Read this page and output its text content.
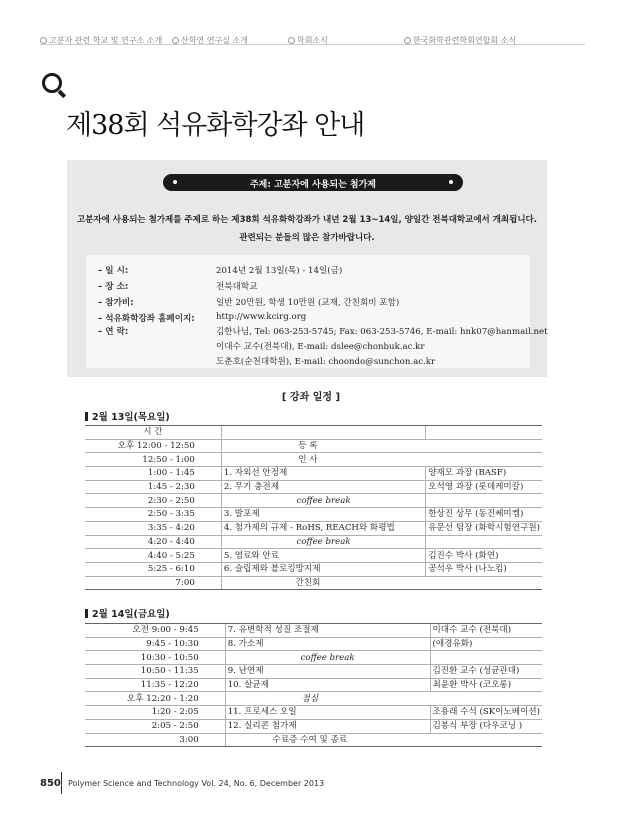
고분자 관련 학교 및 연구소 소개	산학연 연구실 소개	학회소식	한국화학관련학회연합회 소식
제38회 석유화학강좌 안내
주제: 고분자에 사용되는 첨가제
고분자에 사용되는 첨가제를 주제로 하는 제38회 석유화학강좌가 내년 2월 13~14일, 양일간 전북대학교에서 개최됩니다.
관련되는 분들의 많은 참가바랍니다.
– 일 시:	2014년 2월 13일(목) - 14일(금)
– 장 소:	전북대학교
– 참가비:	일반 20만원, 학생 10만원 (교재, 간친회비 포함)
– 석유화학강좌 홈페이지: http://www.kcirg.org
– 연 락:	김한나님, Tel: 063-253-5745; Fax: 063-253-5746, E-mail: hnk07@hanmail.net
이대수 교수(전북대), E-mail: dslee@chonbuk.ac.kr
도춘호(순천대학원), E-mail: choondo@sunchon.ac.kr
[ 강좌 일정 ]
2월 13일(목요일)
시 간		
오후 12:00 - 12:50	등 록	
12:50 - 1:00	인 사	
1:00 - 1:45	1. 자외선 안정제	양재모 과장 (BASF)
1:45 - 2:30	2. 무기 충전제	오석영 과장 (롯데케미칼)
2:30 - 2:50	coffee break	
2:50 - 3:35	3. 발포제	한상진 상무 (동진쎄미켐)
3:35 - 4:20	4. 첨가제의 규제 - RoHS, REACH와 화평법	유문선 팀장 (화학시험연구원)
4:20 - 4:40	coffee break	
4:40 - 5:25	5. 염료와 안료	김진수 박사 (화연)
5:25 - 6:10	6. 슬립제와 블로킹방지제	공석우 박사 (나노킴)
7:00	간친회	
2월 14일(금요일)
오전 9:00 - 9:45	7. 유변학적 성질 조절제	이대수 교수 (전북대)
9:45 - 10:30	8. 가소제	(애경유화)
10:30 - 10:50	coffee break	
10:50 - 11:35	9. 난연제	김진환 교수 (성균관대)
11:35 - 12:20	10. 살균제	최윤환 박사 (코오롱)
오후 12:20 - 1:20	점심	
1:20 - 2:05	11. 프로세스 오일	조용래 수석 (SK이노베이션)
2:05 - 2:50	12. 실리콘 첨가제	김봉식 부장 (다우코닝 )
3:00	수료증 수여 및 종료	
850 Polymer Science and Technology Vol. 24, No. 6, December 2013
